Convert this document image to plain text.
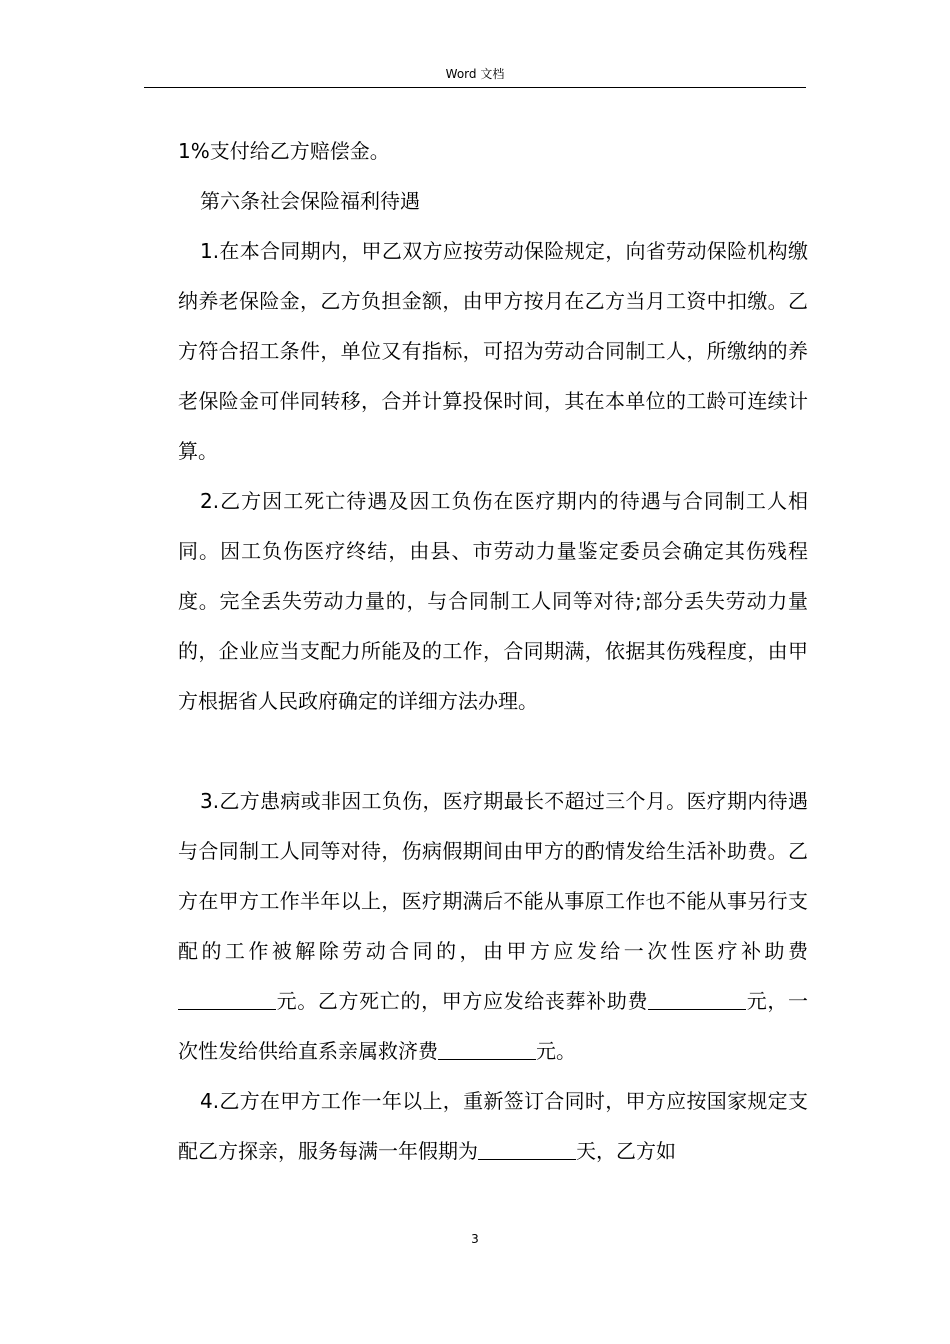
Word 文档

1%支付给乙方赔偿金。

第六条社会保险福利待遇

1.在本合同期内，甲乙双方应按劳动保险规定，向省劳动保险机构缴纳养老保险金，乙方负担金额，由甲方按月在乙方当月工资中扣缴。乙方符合招工条件，单位又有指标，可招为劳动合同制工人，所缴纳的养老保险金可伴同转移，合并计算投保时间，其在本单位的工龄可连续计算。

2.乙方因工死亡待遇及因工负伤在医疗期内的待遇与合同制工人相同。因工负伤医疗终结，由县、市劳动力量鉴定委员会确定其伤残程度。完全丢失劳动力量的，与合同制工人同等对待;部分丢失劳动力量的，企业应当支配力所能及的工作，合同期满，依据其伤残程度，由甲方根据省人民政府确定的详细方法办理。

3.乙方患病或非因工负伤，医疗期最长不超过三个月。医疗期内待遇与合同制工人同等对待，伤病假期间由甲方的酌情发给生活补助费。乙方在甲方工作半年以上，医疗期满后不能从事原工作也不能从事另行支配的工作被解除劳动合同的，由甲方应发给一次性医疗补助费元。乙方死亡的，甲方应发给丧葬补助费	元，一次性发给供给直系亲属救济费	元。

4.乙方在甲方工作一年以上，重新签订合同时，甲方应按国家规定支配乙方探亲，服务每满一年假期为	天，乙方如

3
